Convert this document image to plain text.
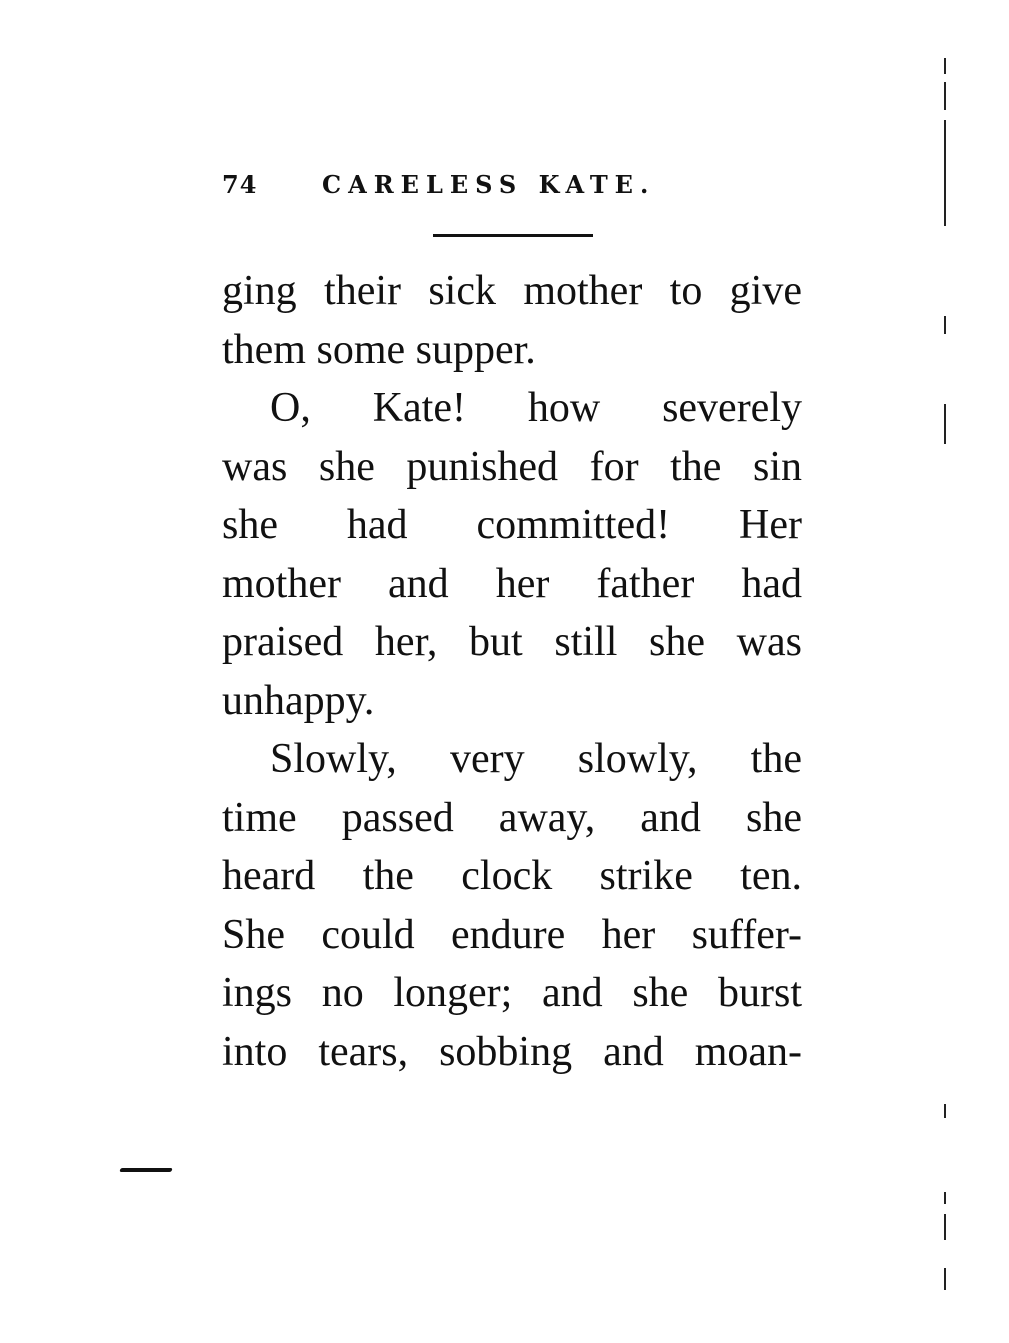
74	CARELESS KATE.
ging their sick mother to give
them some supper.
O, Kate! how severely
was she punished for the sin
she had committed! Her
mother and her father had
praised her, but still she was
unhappy.
Slowly, very slowly, the
time passed away, and she
heard the clock strike ten.
She could endure her suffer-
ings no longer; and she burst
into tears, sobbing and moan-
